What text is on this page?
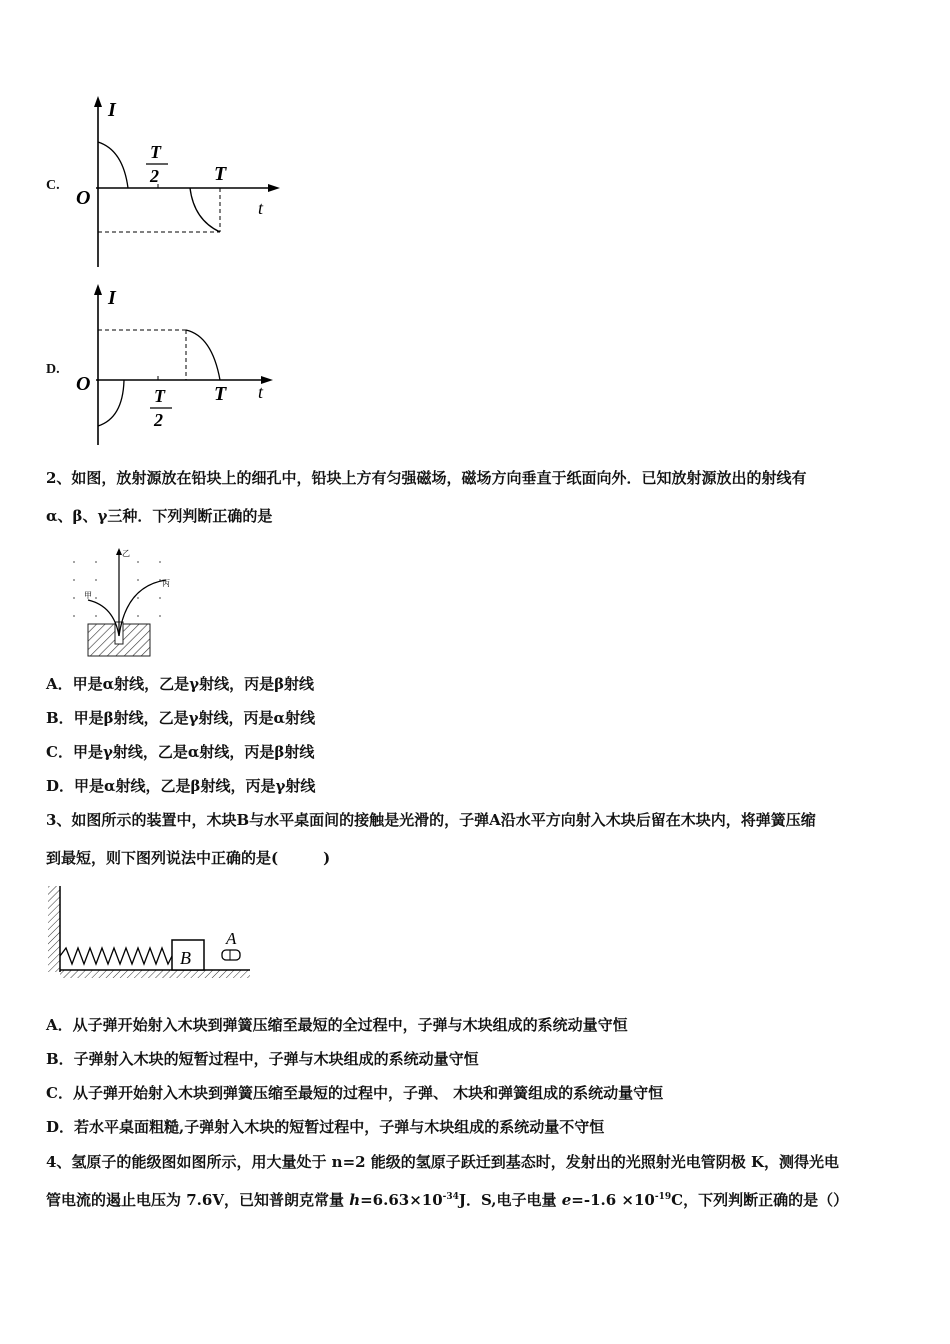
C.
I
t
O
T
2	T
D.
I
t
O
T
2
T
2、如图，放射源放在铅块上的细孔中，铅块上方有匀强磁场，磁场方向垂直于纸面向外．已知放射源放出的射线有
α、β、γ三种．下列判断正确的是
乙
甲
丙
A．甲是α射线，乙是γ射线，丙是β射线
B．甲是β射线，乙是γ射线，丙是α射线
C．甲是γ射线，乙是α射线，丙是β射线
D．甲是α射线，乙是β射线，丙是γ射线
3、如图所示的装置中，木块B与水平桌面间的接触是光滑的，子弹A沿水平方向射入木块后留在木块内，将弹簧压缩
到最短，则下图列说法中正确的是(　　　)
B
A
A．从子弹开始射入木块到弹簧压缩至最短的全过程中，子弹与木块组成的系统动量守恒
B．子弹射入木块的短暂过程中，子弹与木块组成的系统动量守恒
C．从子弹开始射入木块到弹簧压缩至最短的过程中，子弹、 木块和弹簧组成的系统动量守恒
D．若水平桌面粗糙,子弹射入木块的短暂过程中，子弹与木块组成的系统动量不守恒
4、氢原子的能级图如图所示，用大量处于 n=2 能级的氢原子跃迁到基态时，发射出的光照射光电管阴极 K，测得光电
管电流的遏止电压为 7.6V，已知普朗克常量 $h=6.63\times 10^{-34}J$．S,电子电量 $e=-1.6 \times 10^{-19}C$，下列判断正确的是（）
